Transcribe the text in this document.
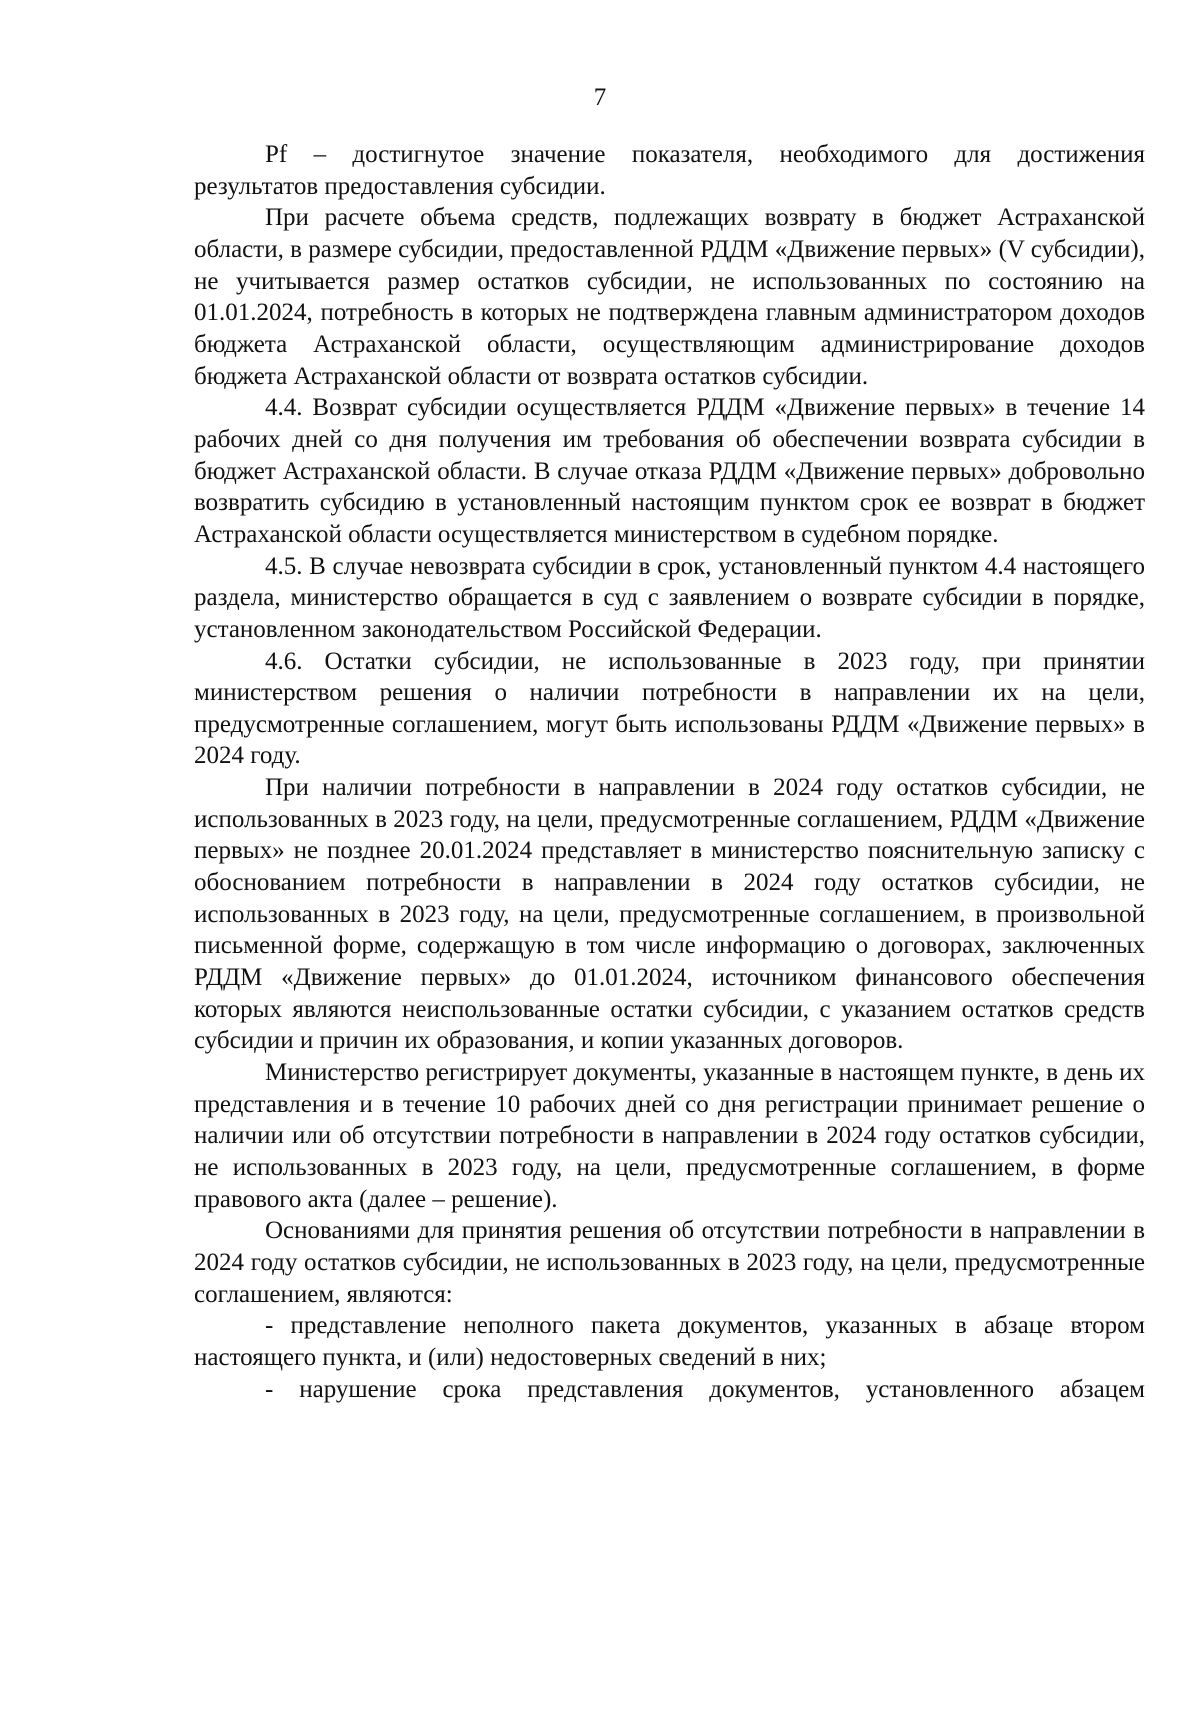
7

Pf – достигнутое значение показателя, необходимого для достижения

результатов предоставления субсидии.

При расчете объема средств, подлежащих возврату в бюджет Астраханской области, в размере субсидии, предоставленной РДДМ «Движение первых» (V субсидии), не учитывается размер остатков субсидии, не использованных по состоянию на 01.01.2024, потребность в которых не подтверждена главным администратором доходов бюджета Астраханской области, осуществляющим администрирование доходов бюджета Астраханской области от возврата остатков субсидии.

4.4. Возврат субсидии осуществляется РДДМ «Движение первых» в течение 14 рабочих дней со дня получения им требования об обеспечении возврата субсидии в бюджет Астраханской области. В случае отказа РДДМ «Движение первых» добровольно возвратить субсидию в установленный настоящим пунктом срок ее возврат в бюджет Астраханской области осуществляется министерством в судебном порядке.

4.5. В случае невозврата субсидии в срок, установленный пунктом 4.4 настоящего раздела, министерство обращается в суд с заявлением о возврате субсидии в порядке, установленном законодательством Российской Федерации.

4.6. Остатки субсидии, не использованные в 2023 году, при принятии министерством решения о наличии потребности в направлении их на цели, предусмотренные соглашением, могут быть использованы РДДМ «Движение первых» в 2024 году.

При наличии потребности в направлении в 2024 году остатков субсидии, не использованных в 2023 году, на цели, предусмотренные соглашением, РДДМ «Движение первых» не позднее 20.01.2024 представляет в министерство пояснительную записку с обоснованием потребности в направлении в 2024 году остатков субсидии, не использованных в 2023 году, на цели, предусмотренные соглашением, в произвольной письменной форме, содержащую в том числе информацию о договорах, заключенных РДДМ «Движение первых» до 01.01.2024, источником финансового обеспечения которых являются неиспользованные остатки субсидии, с указанием остатков средств субсидии и причин их образования, и копии указанных договоров.

Министерство регистрирует документы, указанные в настоящем пункте, в день их представления и в течение 10 рабочих дней со дня регистрации принимает решение о наличии или об отсутствии потребности в направлении в 2024 году остатков субсидии, не использованных в 2023 году, на цели, предусмотренные соглашением, в форме правового акта (далее – решение).

Основаниями для принятия решения об отсутствии потребности в направлении в 2024 году остатков субсидии, не использованных в 2023 году, на цели, предусмотренные соглашением, являются:

- представление неполного пакета документов, указанных в абзаце втором настоящего пункта, и (или) недостоверных сведений в них;

- нарушение срока представления документов, установленного абзацем
